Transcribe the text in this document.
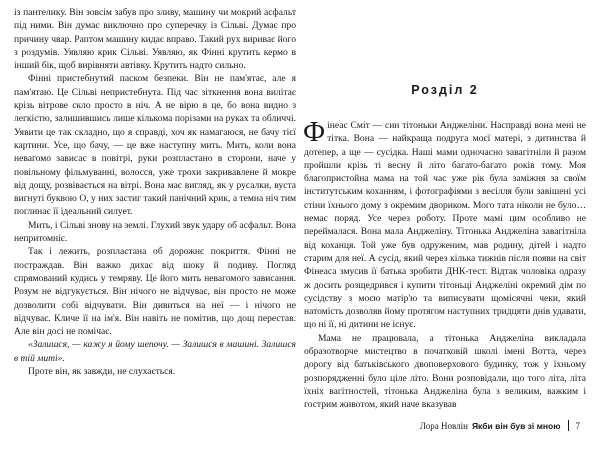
із пантелику. Він зовсім забув про зливу, машину чи мокрий асфальт під ними. Він думає виключно про суперечку із Сільві. Думає про причину чвар. Раптом машину кидає вправо. Такий рух вириває його з роздумів. Уявляю крик Сільві. Уявляю, як Фінні крутить кермо в інший бік, щоб вирівняти автівку. Крутить надто сильно.

Фінні пристебнутий паском безпеки. Він не пам'ятає, але я пам'ятаю. Це Сільві непристебнута. Під час зіткнення вона вилітає крізь вітрове скло просто в ніч. А не вірю в це, бо вона видно з легкістю, залишившись лише кількома порізами на руках та обличчі. Уявити це так складно, що я справді, хоч як намагаюся, не бачу тієї картини. Усе, що бачу, — це вже наступну мить. Мить, коли вона невагомо зависає в повітрі, руки розпластано в сторони, наче у повільному фільмуванні, волосся, уже трохи закривавлене й мокре від дощу, розвівається на вітрі. Вона має вигляд, як у русалки, вуста вигнуті буквою О, у них застиг такий панічний крик, а темна ніч тим поглинає її ідеальний силует.

Мить, і Сільві знову на землі. Глухий звук удару об асфальт. Вона непритомніє.

Так і лежить, розпластана об дорожнє покриття. Фінні не постраждав. Він важко дихає від шоку й подиву. Погляд спрямований кудись у темряву. Це його мить невагомого зависання. Розум не відгукується. Він нічого не відчуває, він просто не може дозволити собі відчувати. Він дивиться на неї — і нічого не відчуває. Кличе її на ім'я. Він навіть не помітив, що дощ перестав. Але він досі не помічає.

«Залишся, — кажу я йому шепочу. — Залишся в машині. Залишся в тій миті».

Проте він, як завжди, не слухається.

Розділ 2

Фінеас Сміт — син тітоньки Анджеліни. Насправді вона мені не тітка. Вона — найкраща подруга моєї матері, з дитинства й дотепер, а ще — сусідка. Наші мами одночасно завагітніли й разом пройшли крізь ті весну й літо багато-багато років тому. Моя благопристойна мама на той час уже рік була заміжня за своїм інститутським коханням, і фотографіями з весілля були завішені усі стіни їхнього дому з окремим двориком. Мого тата ніколи не було… немає поряд. Усе через роботу. Проте мамі цим особливо не переймалася. Вона мала Анджеліну. Тітонька Анджеліна завагітніла від коханця. Той уже був одруженим, мав родину, дітей і надто старим для неї. А сусід, який через кілька тижнів після появи на світ Фінеаса змусив її батька зробити ДНК-тест. Відтак чоловіка одразу ж досить розщедрився і купити тітоньці Анджеліні окремий дім по сусідству з моєю матір'ю та виписувати щомісячні чеки, який натомість дозволяв йому протягом наступних тридцяти днів удавати, що ні її, ні дитини не існує.

Мама не працювала, а тітонька Анджеліна викладала образотворче мистецтво в початковій школі імені Вотта, через дорогу від батьківського двоповерхового будинку, тож у їхньому розпорядженні було ціле літо. Вони розповідали, що того літа, літа їхніх вагітностей, тітонька Анджеліна була з великим, важким і гострим животом, який наче вказував

Лора Новлін Якби він був зі мною 7
